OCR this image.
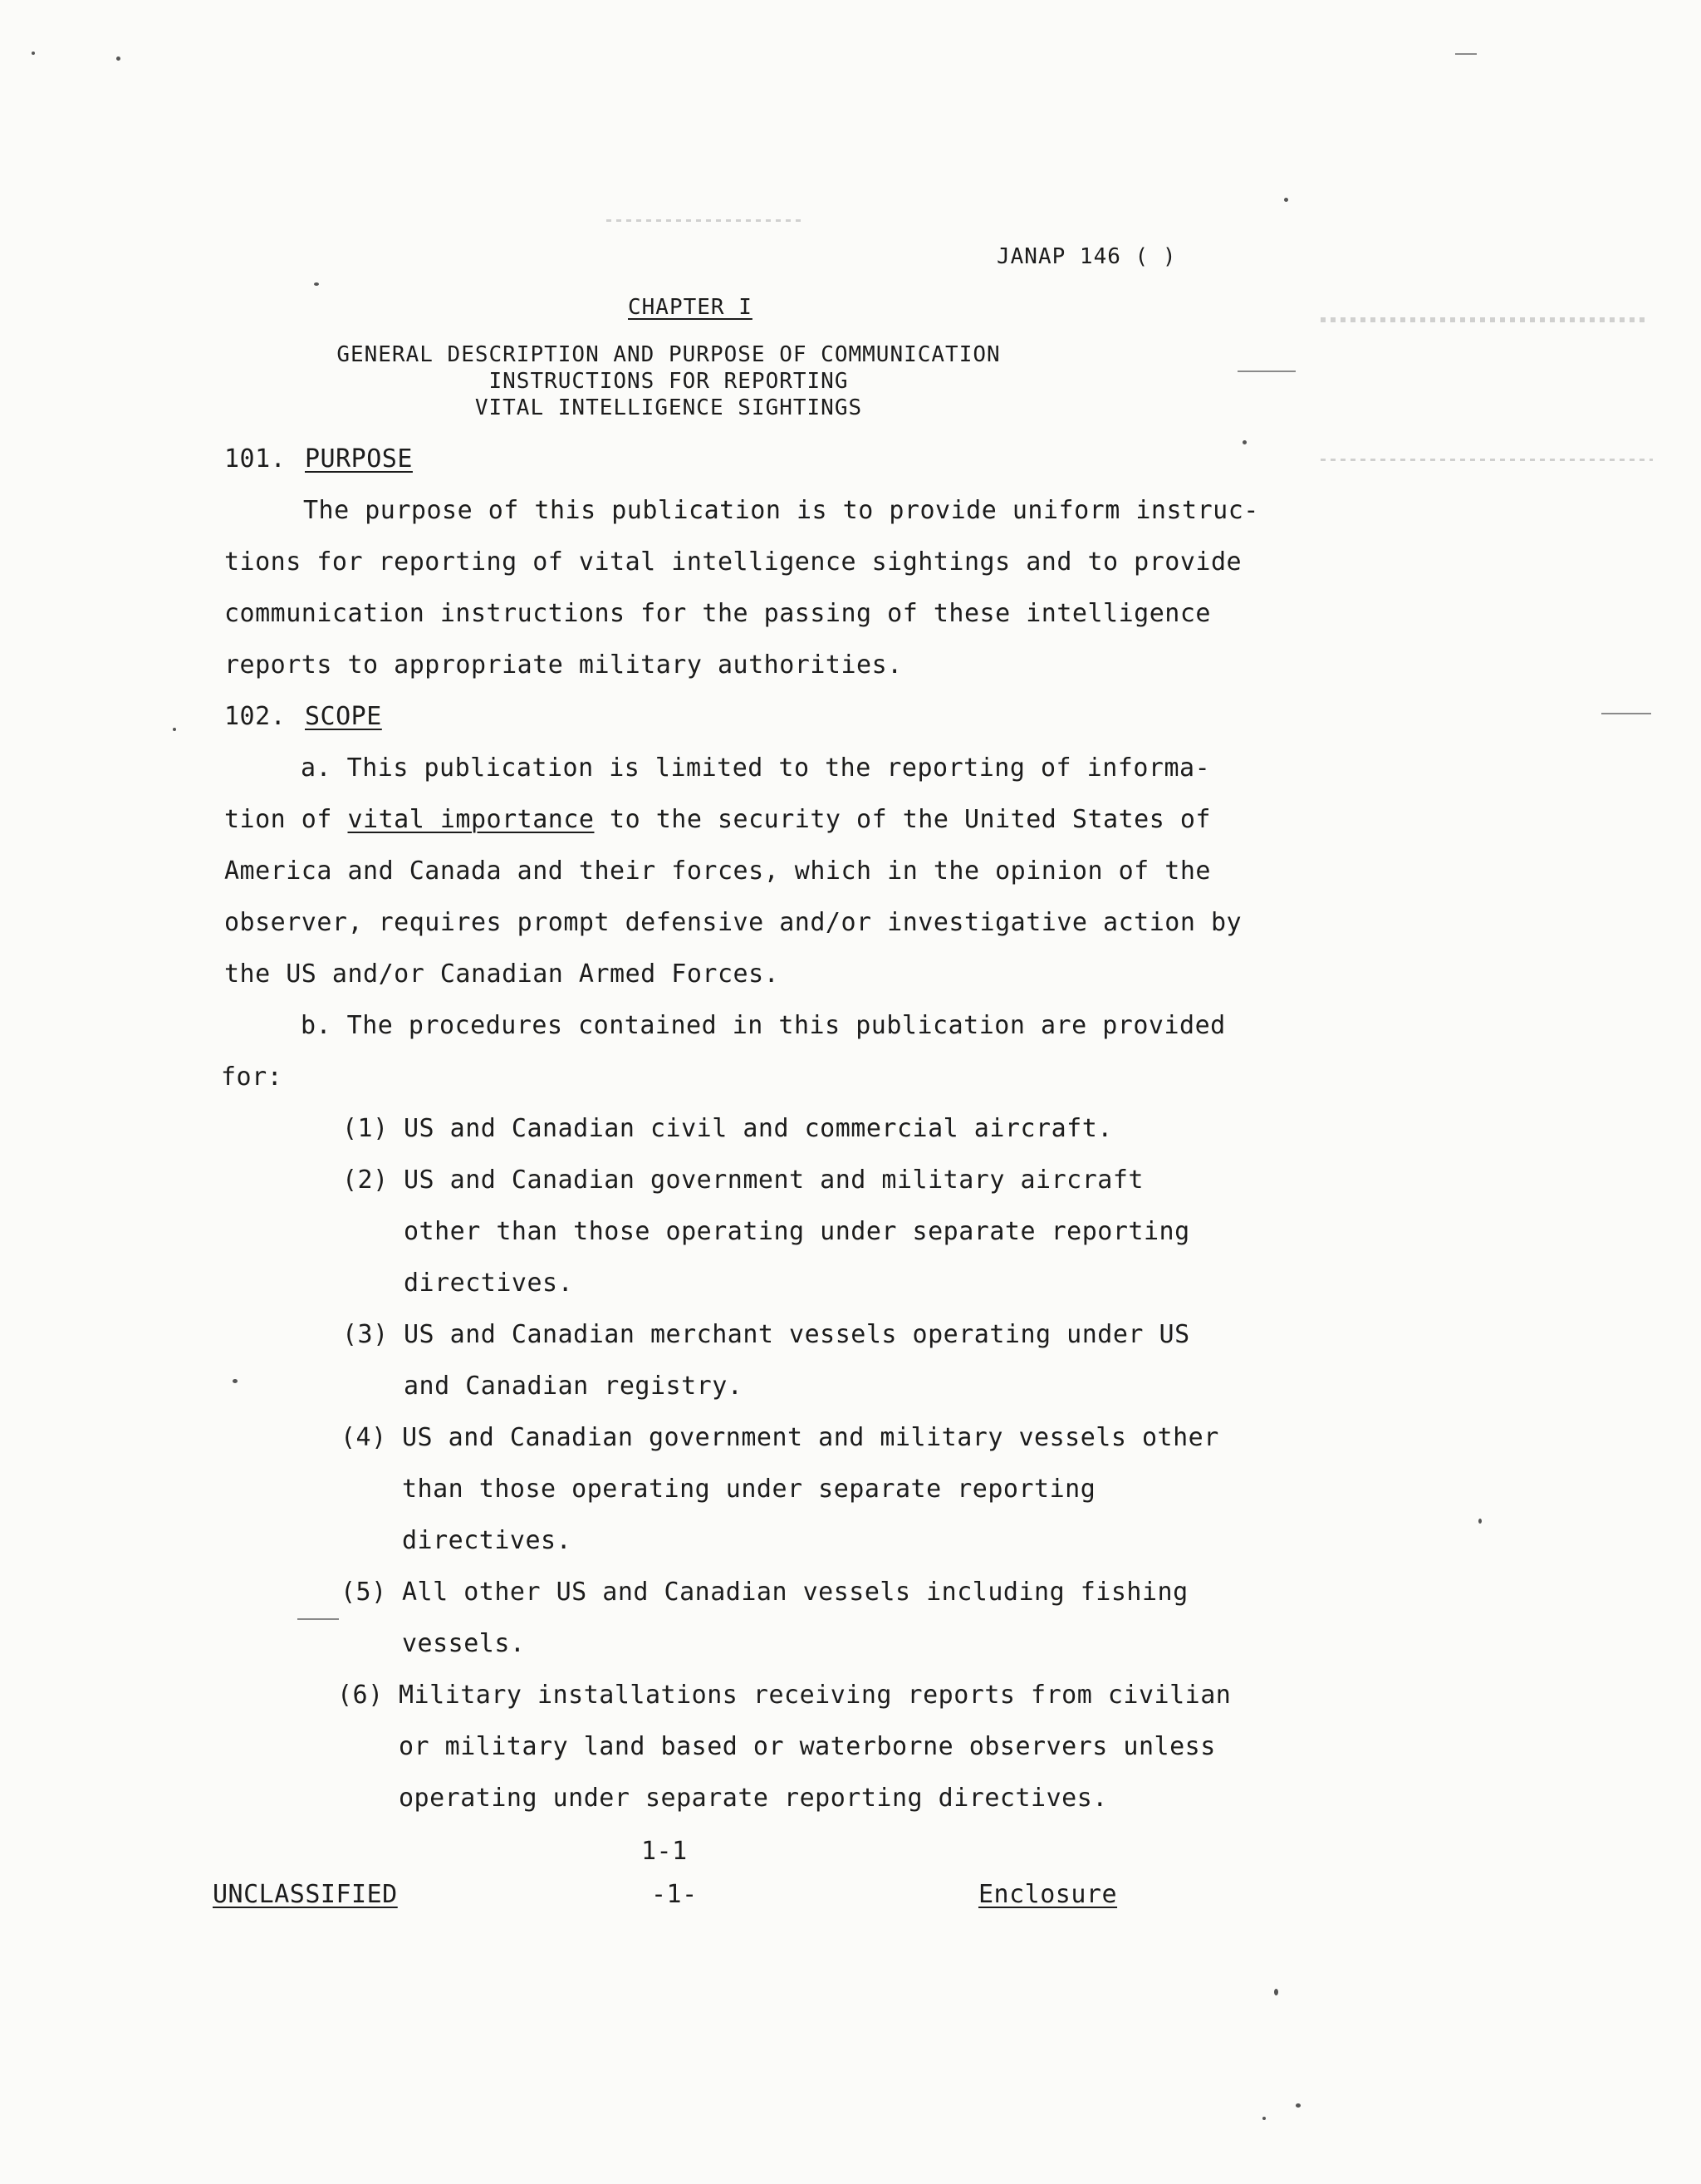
JANAP 146 ( )
CHAPTER I
GENERAL DESCRIPTION AND PURPOSE OF COMMUNICATION
INSTRUCTIONS FOR REPORTING
VITAL INTELLIGENCE SIGHTINGS
101. PURPOSE
The purpose of this publication is to provide uniform instruc-
tions for reporting of vital intelligence sightings and to provide
communication instructions for the passing of these intelligence
reports to appropriate military authorities.
102. SCOPE
a. This publication is limited to the reporting of informa-
tion of vital importance to the security of the United States of
America and Canada and their forces, which in the opinion of the
observer, requires prompt defensive and/or investigative action by
the US and/or Canadian Armed Forces.
b. The procedures contained in this publication are provided
for:
(1) US and Canadian civil and commercial aircraft.
(2) US and Canadian government and military aircraft
other than those operating under separate reporting
directives.
(3) US and Canadian merchant vessels operating under US
and Canadian registry.
(4) US and Canadian government and military vessels other
than those operating under separate reporting
directives.
(5) All other US and Canadian vessels including fishing
vessels.
(6) Military installations receiving reports from civilian
or military land based or waterborne observers unless
operating under separate reporting directives.
1-1
UNCLASSIFIED	-1-	Enclosure
